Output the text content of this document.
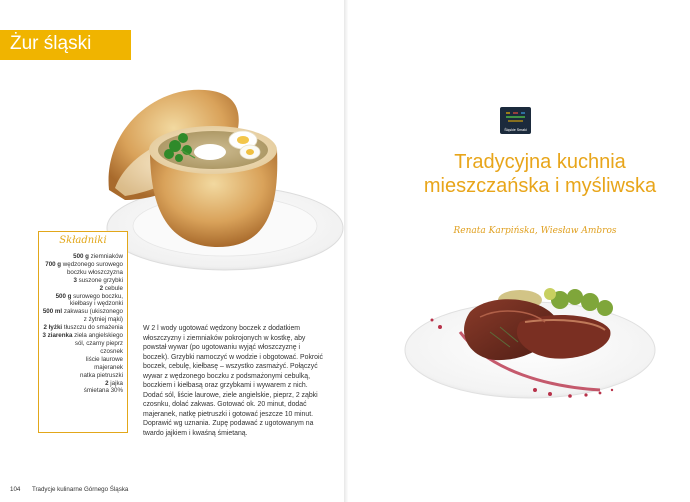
Żur śląski
Składniki
500 g ziemniaków
700 g wędzonego surowego boczku włoszczyzna
3 suszone grzybki
2 cebule
500 g surowego boczku, kiełbasy i wędzonki
500 ml zakwasu (ukiszonego z żytniej mąki)
2 łyżki tłuszczu do smażenia
3 ziarenka ziela angielskiego
sól, czarny pieprz
czosnek
liście laurowe
majeranek
natka pietruszki
2 jajka
śmietana 30%

W 2 l wody ugotować wędzony boczek z dodatkiem włoszczyzny i ziemniaków pokrojonych w kostkę, aby powstał wywar (po ugotowaniu wyjąć włoszczyznę i boczek). Grzybki namoczyć w wodzie i obgotować. Pokroić boczek, cebulę, kiełbasę – wszystko zasmażyć. Połączyć wywar z wędzonego boczku z podsmażonymi cebulką, boczkiem i kiełbasą oraz grzybkami i wywarem z nich. Dodać sól, liście laurowe, ziele angielskie, pieprz, 2 ząbki czosnku, dolać zakwas. Gotować ok. 20 minut, dodać majeranek, natkę pietruszki i gotować jeszcze 10 minut. Doprawić wg uznania. Zupę podawać z ugotowanym na twardo jajkiem i kwaśną śmietaną.

104 Tradycje kulinarne Górnego Śląska
Śląskie Smaki
Tradycyjna kuchnia
mieszczańska i myśliwska
Renata Karpińska, Wiesław Ambros
